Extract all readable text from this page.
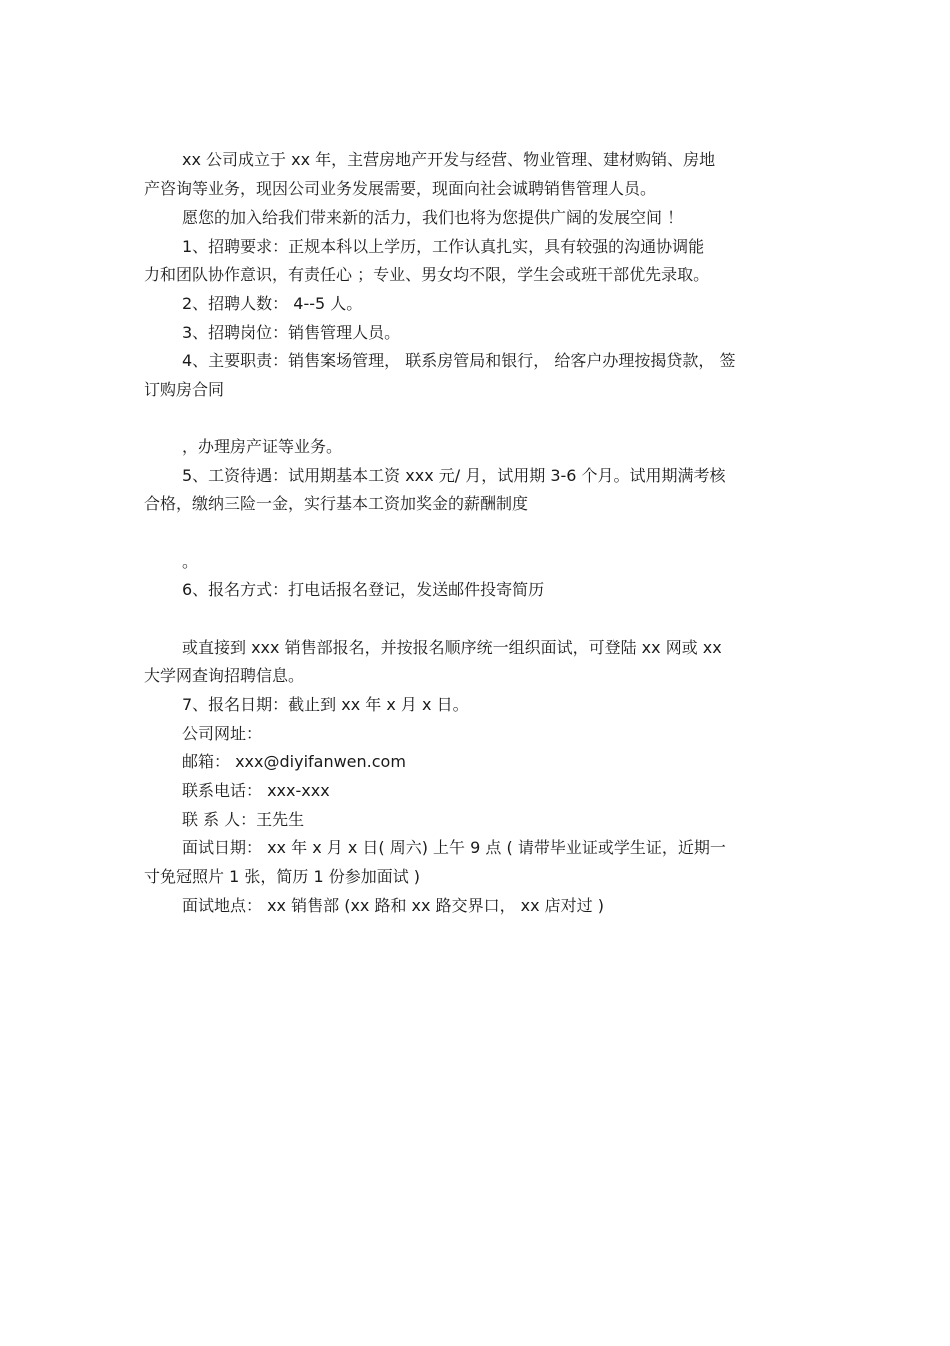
xx 公司成立于 xx 年，主营房地产开发与经营、物业管理、建材购销、房地
产咨询等业务，现因公司业务发展需要，现面向社会诚聘销售管理人员。
愿您的加入给我们带来新的活力，我们也将为您提供广阔的发展空间 ！
1、招聘要求：正规本科以上学历，工作认真扎实，具有较强的沟通协调能
力和团队协作意识，有责任心 ；专业、男女均不限，学生会或班干部优先录取。
2、招聘人数： 4--5 人。
3、招聘岗位：销售管理人员。
4、主要职责：销售案场管理， 联系房管局和银行， 给客户办理按揭贷款， 签
订购房合同
，办理房产证等业务。
5、工资待遇：试用期基本工资 xxx 元/ 月，试用期 3-6 个月。试用期满考核
合格，缴纳三险一金，实行基本工资加奖金的薪酬制度
。
6、报名方式：打电话报名登记，发送邮件投寄简历
或直接到 xxx 销售部报名，并按报名顺序统一组织面试，可登陆 xx 网或 xx
大学网查询招聘信息。
7、报名日期：截止到 xx 年 x 月 x 日。
公司网址：
邮箱： xxx@diyifanwen.com
联系电话： xxx-xxx
联 系 人：王先生
面试日期： xx 年 x 月 x 日( 周六) 上午 9 点 ( 请带毕业证或学生证，近期一
寸免冠照片 1 张，简历 1 份参加面试 )
面试地点： xx 销售部 (xx 路和 xx 路交界口， xx 店对过 )
